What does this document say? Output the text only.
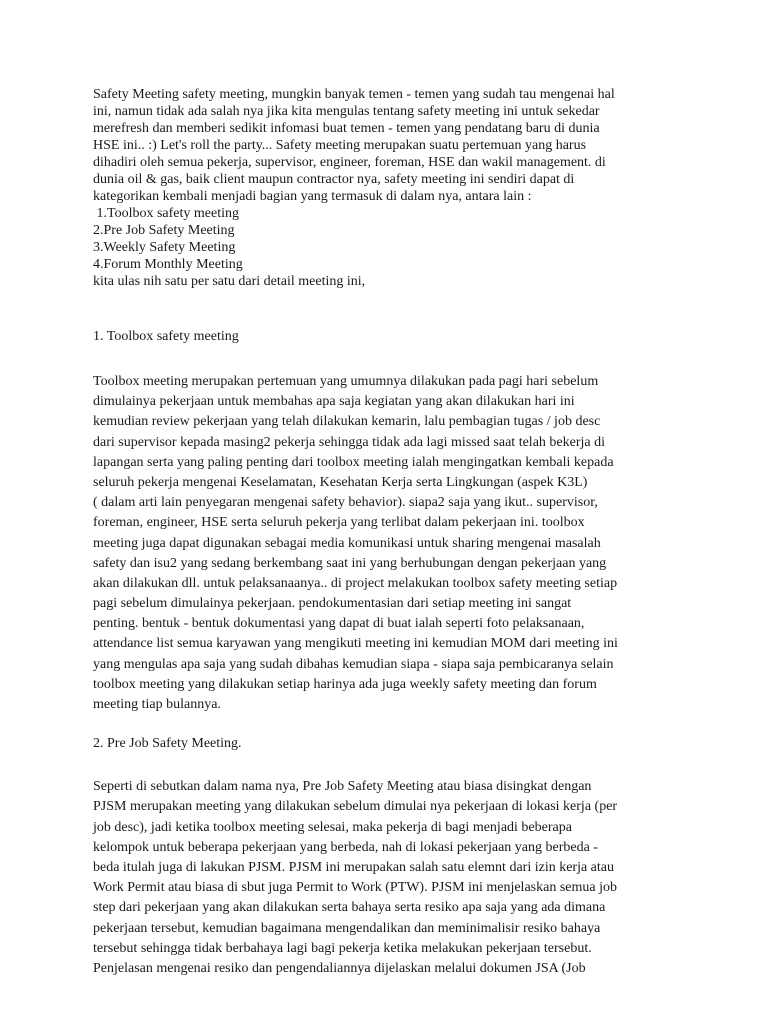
Safety Meeting safety meeting, mungkin banyak temen - temen yang sudah tau mengenai hal
ini, namun tidak ada salah nya jika kita mengulas tentang safety meeting ini untuk sekedar
merefresh dan memberi sedikit infomasi buat temen - temen yang pendatang baru di dunia
HSE ini.. :) Let's roll the party... Safety meeting merupakan suatu pertemuan yang harus
dihadiri oleh semua pekerja, supervisor, engineer, foreman, HSE dan wakil management. di
dunia oil & gas, baik client maupun contractor nya, safety meeting ini sendiri dapat di
kategorikan kembali menjadi bagian yang termasuk di dalam nya, antara lain :
1.Toolbox safety meeting
2.Pre Job Safety Meeting
3.Weekly Safety Meeting
4.Forum Monthly Meeting
kita ulas nih satu per satu dari detail meeting ini,
1. Toolbox safety meeting
Toolbox meeting merupakan pertemuan yang umumnya dilakukan pada pagi hari sebelum
dimulainya pekerjaan untuk membahas apa saja kegiatan yang akan dilakukan hari ini
kemudian review pekerjaan yang telah dilakukan kemarin, lalu pembagian tugas / job desc
dari supervisor kepada masing2 pekerja sehingga tidak ada lagi missed saat telah bekerja di
lapangan serta yang paling penting dari toolbox meeting ialah mengingatkan kembali kepada
seluruh pekerja mengenai Keselamatan, Kesehatan Kerja serta Lingkungan (aspek K3L)
( dalam arti lain penyegaran mengenai safety behavior). siapa2 saja yang ikut.. supervisor,
foreman, engineer, HSE serta seluruh pekerja yang terlibat dalam pekerjaan ini. toolbox
meeting juga dapat digunakan sebagai media komunikasi untuk sharing mengenai masalah
safety dan isu2 yang sedang berkembang saat ini yang berhubungan dengan pekerjaan yang
akan dilakukan dll. untuk pelaksanaanya.. di project melakukan toolbox safety meeting setiap
pagi sebelum dimulainya pekerjaan. pendokumentasian dari setiap meeting ini sangat
penting. bentuk - bentuk dokumentasi yang dapat di buat ialah seperti foto pelaksanaan,
attendance list semua karyawan yang mengikuti meeting ini kemudian MOM dari meeting ini
yang mengulas apa saja yang sudah dibahas kemudian siapa - siapa saja pembicaranya selain
toolbox meeting yang dilakukan setiap harinya ada juga weekly safety meeting dan forum
meeting tiap bulannya.
2. Pre Job Safety Meeting.
Seperti di sebutkan dalam nama nya, Pre Job Safety Meeting atau biasa disingkat dengan
PJSM merupakan meeting yang dilakukan sebelum dimulai nya pekerjaan di lokasi kerja (per
job desc), jadi ketika toolbox meeting selesai, maka pekerja di bagi menjadi beberapa
kelompok untuk beberapa pekerjaan yang berbeda, nah di lokasi pekerjaan yang berbeda -
beda itulah juga di lakukan PJSM. PJSM ini merupakan salah satu elemnt dari izin kerja atau
Work Permit atau biasa di sbut juga Permit to Work (PTW). PJSM ini menjelaskan semua job
step dari pekerjaan yang akan dilakukan serta bahaya serta resiko apa saja yang ada dimana
pekerjaan tersebut, kemudian bagaimana mengendalikan dan meminimalisir resiko bahaya
tersebut sehingga tidak berbahaya lagi bagi pekerja ketika melakukan pekerjaan tersebut.
Penjelasan mengenai resiko dan pengendaliannya dijelaskan melalui dokumen JSA (Job
